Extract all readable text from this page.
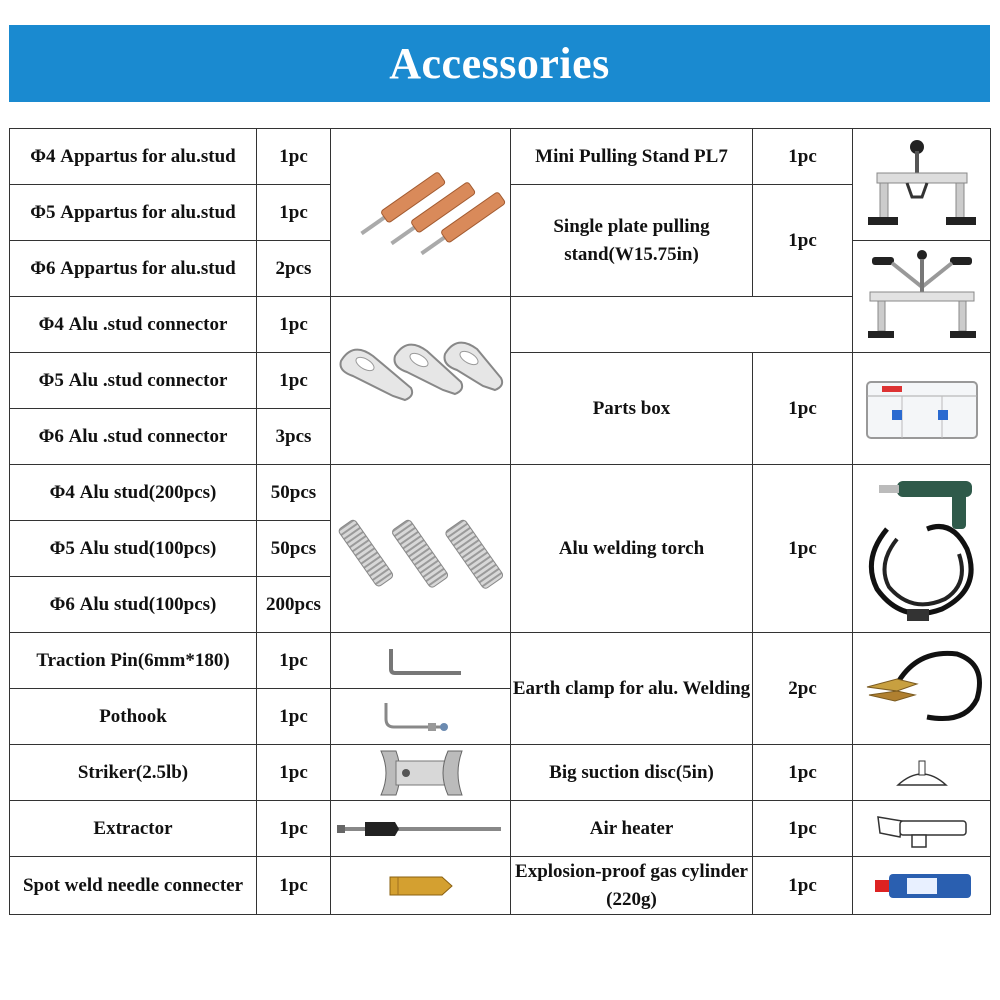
Accessories
Φ4 Appartus for alu.stud	1pc		Mini Pulling Stand PL7	1pc	

Φ5 Appartus for alu.stud	1pc		Single plate pulling stand(W15.75in)	1pc	
Φ6 Appartus for alu.stud	2pcs	

Φ4 Alu .stud connector	1pc	

Φ5 Alu .stud connector	1pc		Parts box	1pc	

Φ6 Alu .stud connector	3pcs				
Φ4 Alu stud(200pcs)	50pcs		Alu welding torch	1pc	

Φ5 Alu stud(100pcs)	50pcs				
Φ6 Alu stud(100pcs)	200pcs				
Traction Pin(6mm*180)	1pc		Earth clamp for alu. Welding	2pc	

Pothook	1pc	

Striker(2.5lb)	1pc		Big suction disc(5in)	1pc	

Extractor	1pc		Air heater	1pc	

Spot weld needle connecter	1pc		Explosion-proof gas cylinder (220g)	1pc	
